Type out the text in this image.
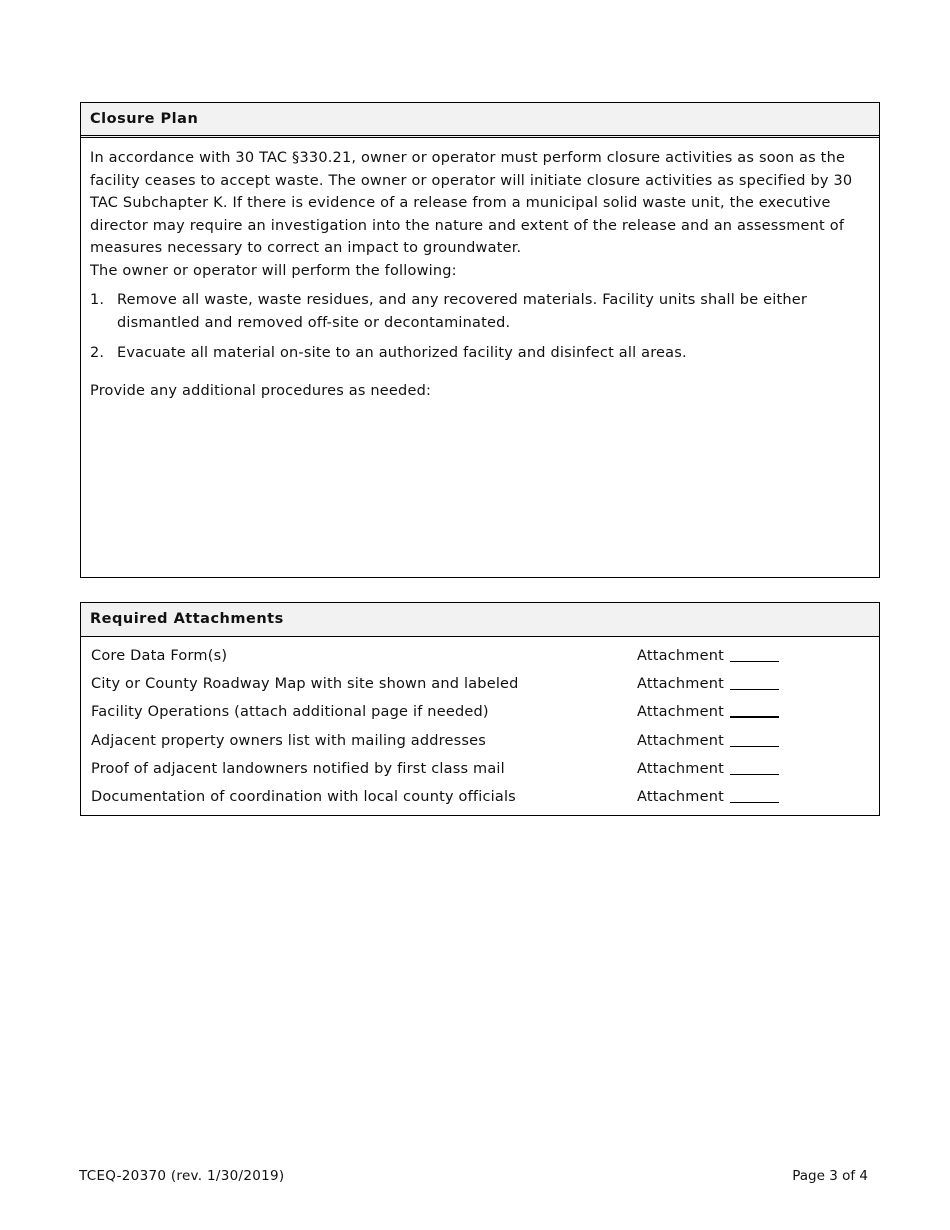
Closure Plan

In accordance with 30 TAC §330.21, owner or operator must perform closure activities as soon as the facility ceases to accept waste. The owner or operator will initiate closure activities as specified by 30 TAC Subchapter K. If there is evidence of a release from a municipal solid waste unit, the executive director may require an investigation into the nature and extent of the release and an assessment of measures necessary to correct an impact to groundwater.

The owner or operator will perform the following:

1. Remove all waste, waste residues, and any recovered materials. Facility units shall be either dismantled and removed off-site or decontaminated.
2. Evacuate all material on-site to an authorized facility and disinfect all areas.
Provide any additional procedures as needed:
Required Attachments
Core Data Form(s)	Attachment
City or County Roadway Map with site shown and labeled	Attachment
Facility Operations (attach additional page if needed)	Attachment
Adjacent property owners list with mailing addresses	Attachment
Proof of adjacent landowners notified by first class mail	Attachment
Documentation of coordination with local county officials	Attachment
TCEQ-20370 (rev. 1/30/2019)	Page 3 of 4
